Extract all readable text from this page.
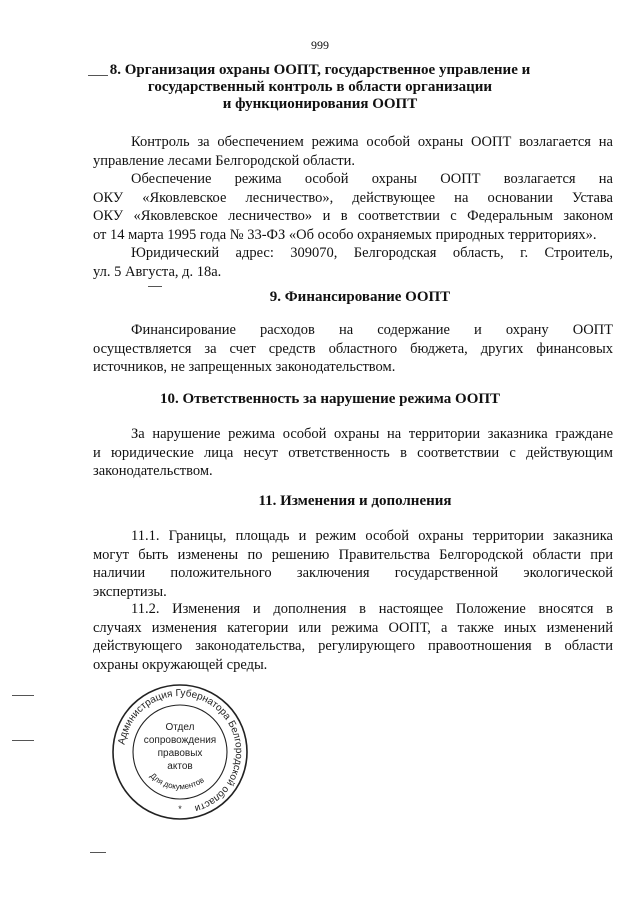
999
8. Организация охраны ООПТ, государственное управление и
государственный контроль в области организации
и функционирования ООПТ
Контроль за обеспечением режима особой охраны ООПТ возлагается на
управление лесами Белгородской области.
Обеспечение режима особой охраны ООПТ возлагается на
ОКУ «Яковлевское лесничество», действующее на основании Устава
ОКУ «Яковлевское лесничество» и в соответствии с Федеральным законом
от 14 марта 1995 года № 33-ФЗ «Об особо охраняемых природных территориях».
Юридический адрес: 309070, Белгородская область, г. Строитель,
ул. 5 Августа, д. 18а.
9. Финансирование ООПТ
Финансирование расходов на содержание и охрану ООПТ
осуществляется за счет средств областного бюджета, других финансовых
источников, не запрещенных законодательством.
10. Ответственность за нарушение режима ООПТ
За нарушение режима особой охраны на территории заказника граждане
и юридические лица несут ответственность в соответствии с действующим
законодательством.
11. Изменения и дополнения
11.1. Границы, площадь и режим особой охраны территории заказника
могут быть изменены по решению Правительства Белгородской области при
наличии положительного заключения государственной экологической
экспертизы.
11.2. Изменения и дополнения в настоящее Положение вносятся в
случаях изменения категории или режима ООПТ, а также иных изменений
действующего законодательства, регулирующего правоотношения в области
охраны окружающей среды.
Администрация Губернатора Белгородской области
Отдел
сопровождения
правовых
актов
Для документов
*
